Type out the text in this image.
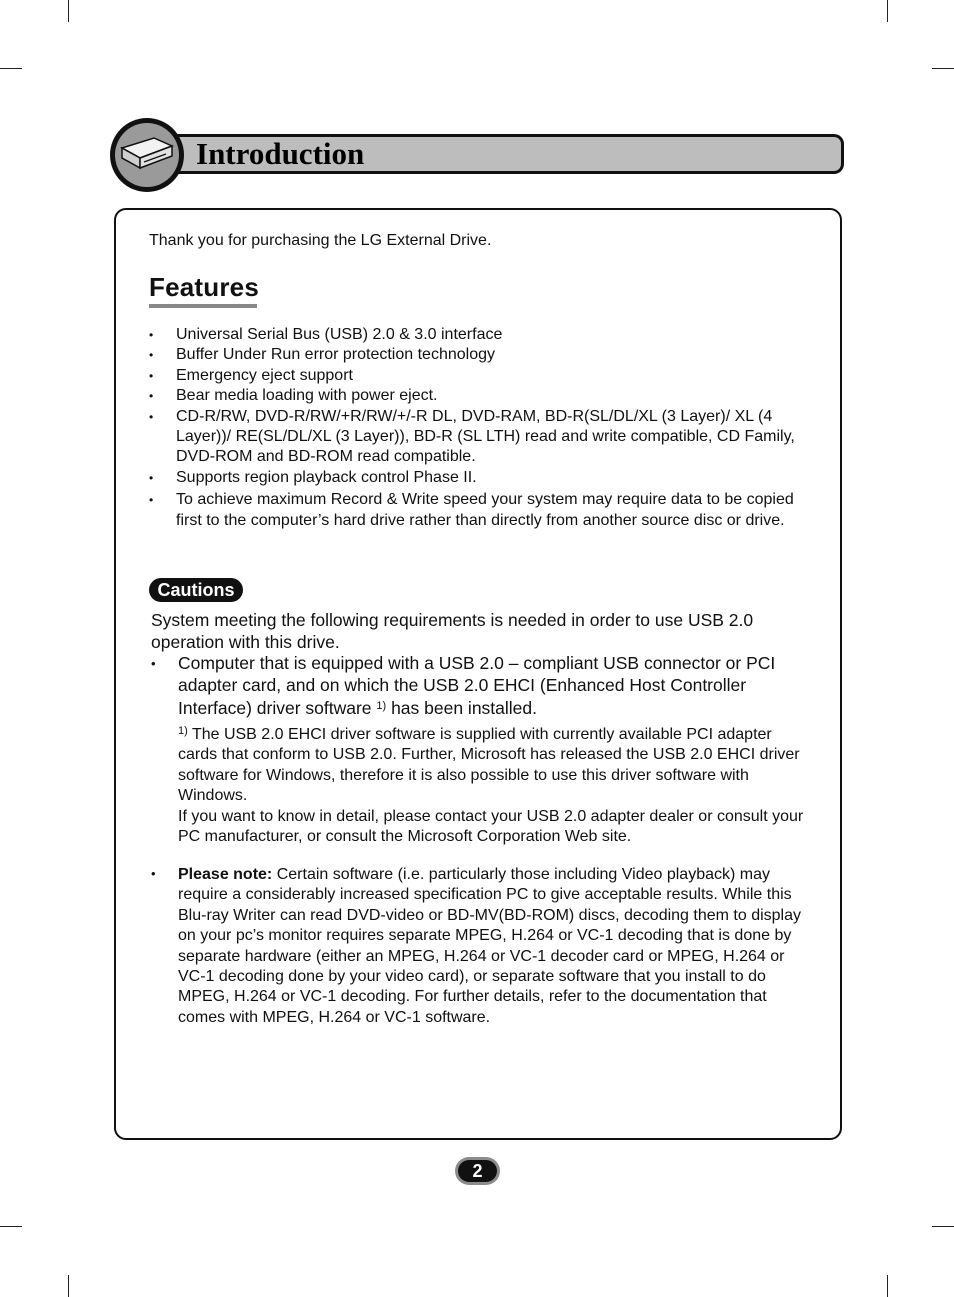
Introduction
Thank you for purchasing the LG External Drive.
Features
• Universal Serial Bus (USB) 2.0 & 3.0 interface
• Buffer Under Run error protection technology
• Emergency eject support
• Bear media loading with power eject.
• CD-R/RW, DVD-R/RW/+R/RW/+/-R DL, DVD-RAM, BD-R(SL/DL/XL (3 Layer)/ XL (4 Layer))/ RE(SL/DL/XL (3 Layer)), BD-R (SL LTH) read and write compatible, CD Family, DVD-ROM and BD-ROM read compatible.
• Supports region playback control Phase II.
• To achieve maximum Record & Write speed your system may require data to be copied first to the computer’s hard drive rather than directly from another source disc or drive.
Cautions
System meeting the following requirements is needed in order to use USB 2.0 operation with this drive.
• Computer that is equipped with a USB 2.0 – compliant USB connector or PCI adapter card, and on which the USB 2.0 EHCI (Enhanced Host Controller Interface) driver software $^{1)}$ has been installed.

$^{1)}$ The USB 2.0 EHCI driver software is supplied with currently available PCI adapter cards that conform to USB 2.0. Further, Microsoft has released the USB 2.0 EHCI driver software for Windows, therefore it is also possible to use this driver software with Windows.

If you want to know in detail, please contact your USB 2.0 adapter dealer or consult your PC manufacturer, or consult the Microsoft Corporation Web site.

• Please note: Certain software (i.e. particularly those including Video playback) may require a considerably increased specification PC to give acceptable results. While this Blu-ray Writer can read DVD-video or BD-MV(BD-ROM) discs, decoding them to display on your pc’s monitor requires separate MPEG, H.264 or VC-1 decoding that is done by separate hardware (either an MPEG, H.264 or VC-1 decoder card or MPEG, H.264 or VC-1 decoding done by your video card), or separate software that you install to do MPEG, H.264 or VC-1 decoding. For further details, refer to the documentation that comes with MPEG, H.264 or VC-1 software.
2
